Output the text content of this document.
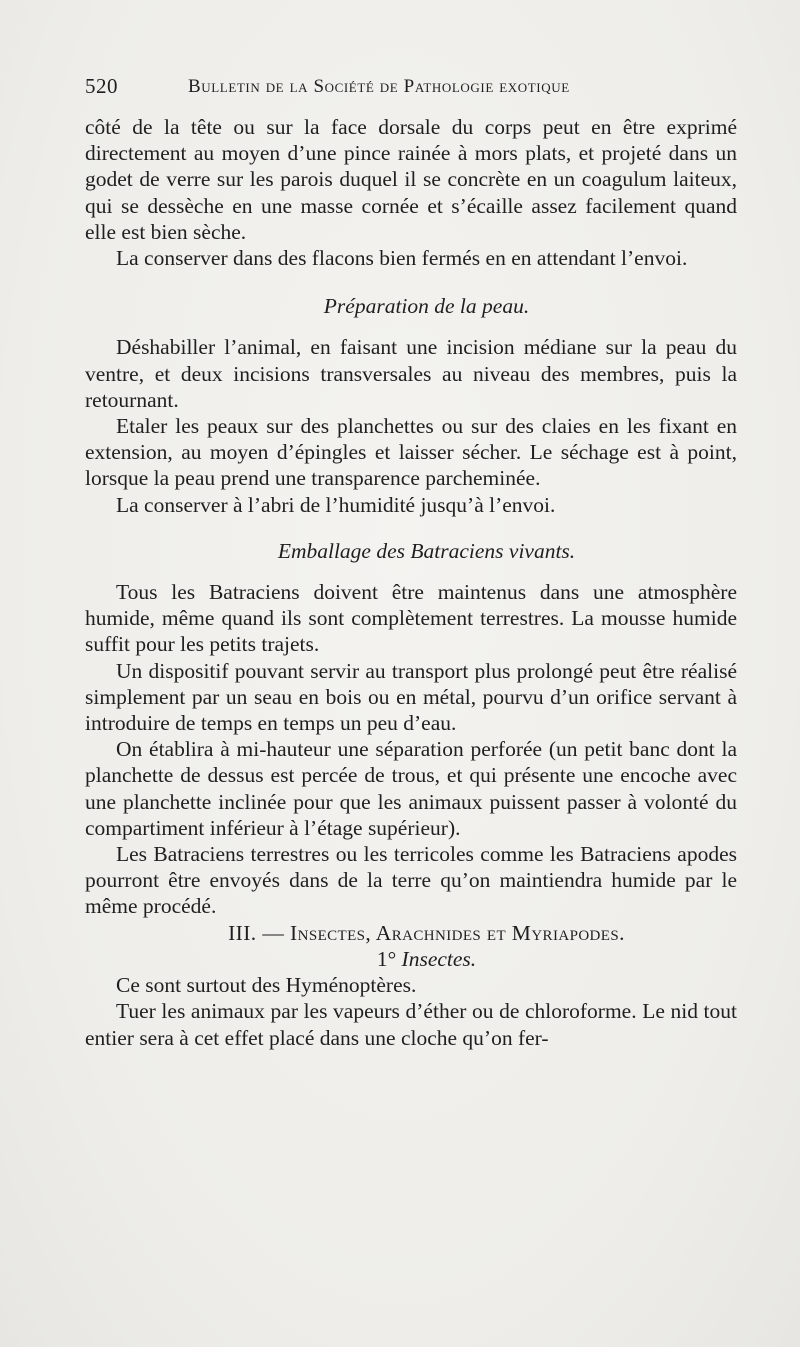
520	Bulletin de la Société de Pathologie exotique

côté de la tête ou sur la face dorsale du corps peut en être exprimé directement au moyen d’une pince rainée à mors plats, et projeté dans un godet de verre sur les parois duquel il se concrète en un coagulum laiteux, qui se dessèche en une masse cornée et s’écaille assez facilement quand elle est bien sèche.

La conserver dans des flacons bien fermés en en attendant l’envoi.

Préparation de la peau.

Déshabiller l’animal, en faisant une incision médiane sur la peau du ventre, et deux incisions transversales au niveau des membres, puis la retournant.

Etaler les peaux sur des planchettes ou sur des claies en les fixant en extension, au moyen d’épingles et laisser sécher. Le séchage est à point, lorsque la peau prend une transparence parcheminée.

La conserver à l’abri de l’humidité jusqu’à l’envoi.

Emballage des Batraciens vivants.

Tous les Batraciens doivent être maintenus dans une atmosphère humide, même quand ils sont complètement terrestres. La mousse humide suffit pour les petits trajets.

Un dispositif pouvant servir au transport plus prolongé peut être réalisé simplement par un seau en bois ou en métal, pourvu d’un orifice servant à introduire de temps en temps un peu d’eau.

On établira à mi-hauteur une séparation perforée (un petit banc dont la planchette de dessus est percée de trous, et qui présente une encoche avec une planchette inclinée pour que les animaux puissent passer à volonté du compartiment inférieur à l’étage supérieur).

Les Batraciens terrestres ou les terricoles comme les Batraciens apodes pourront être envoyés dans de la terre qu’on maintiendra humide par le même procédé.

III. — Insectes, Arachnides et Myriapodes.

1° Insectes.

Ce sont surtout des Hyménoptères.

Tuer les animaux par les vapeurs d’éther ou de chloroforme. Le nid tout entier sera à cet effet placé dans une cloche qu’on fer-
